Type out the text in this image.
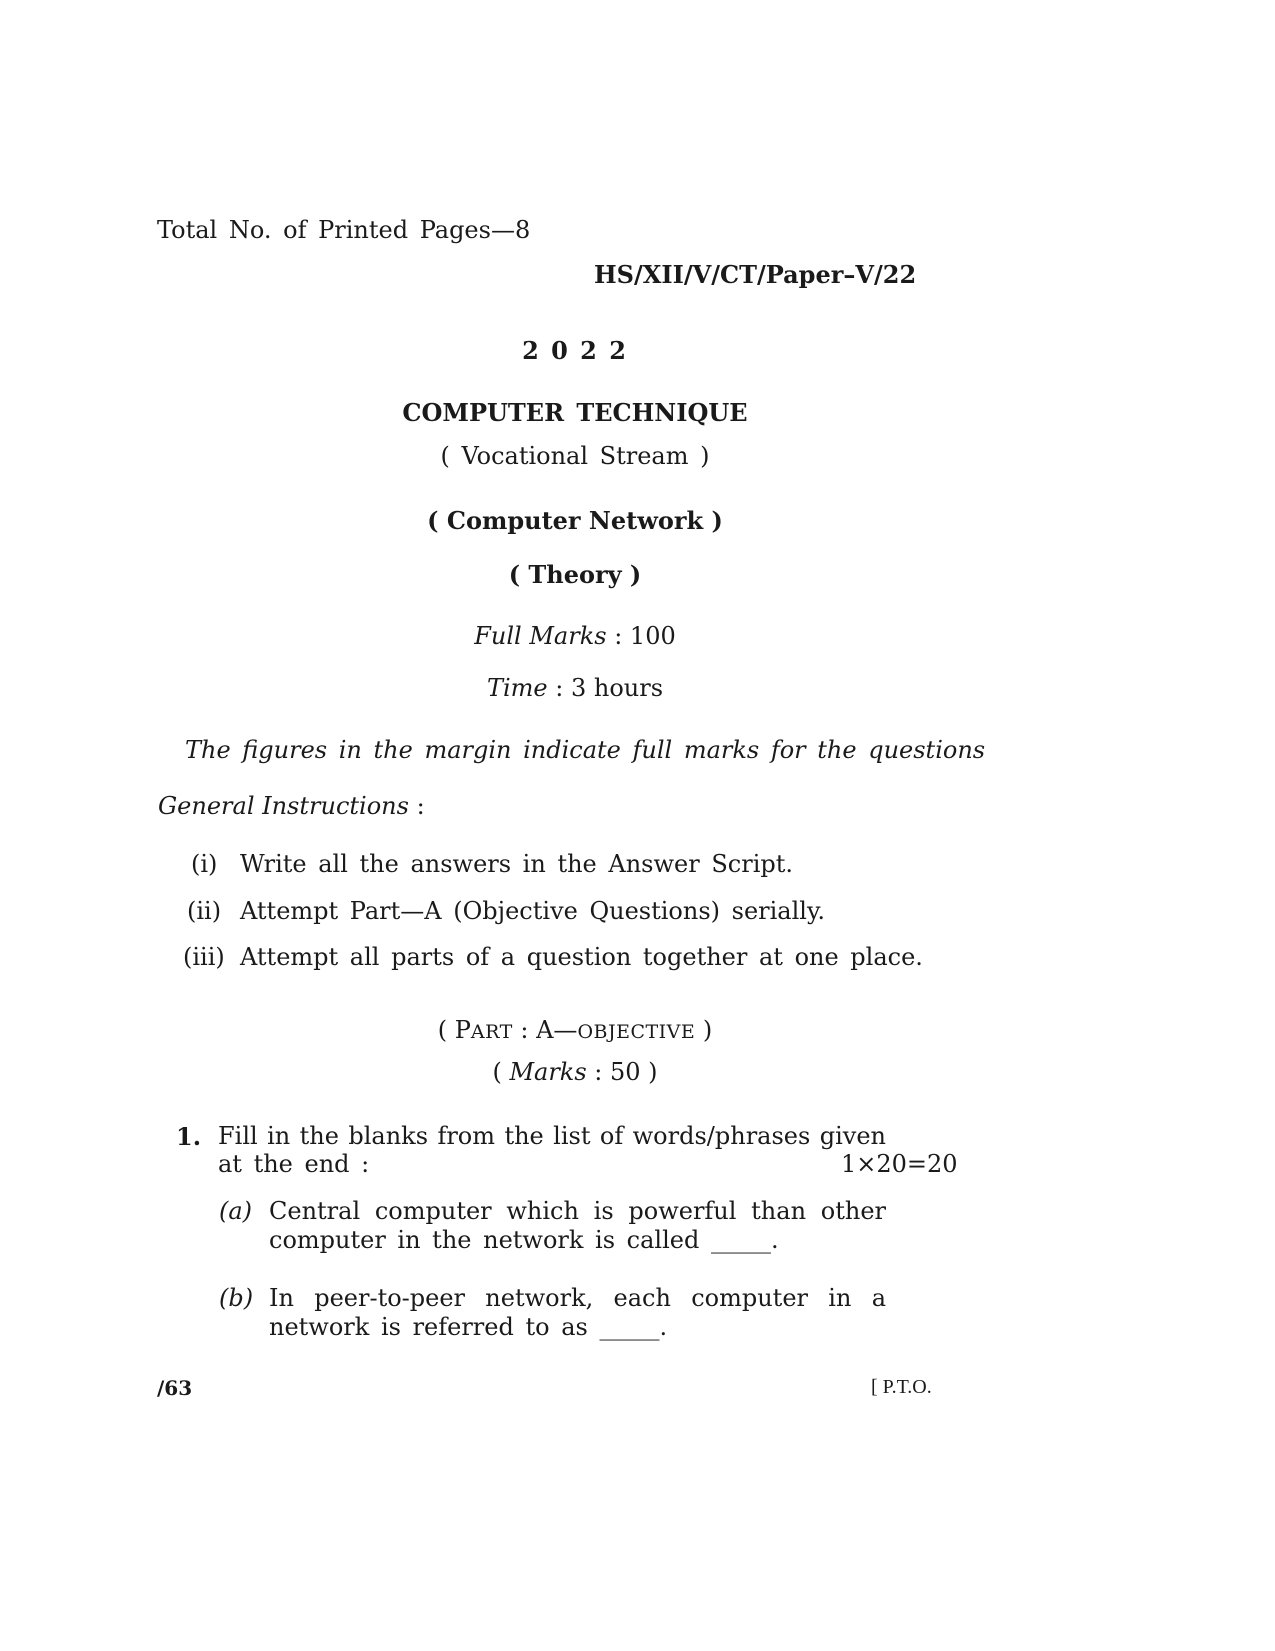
Total No. of Printed Pages—8
HS/XII/V/CT/Paper–V/22
2 0 2 2
COMPUTER TECHNIQUE
( Vocational Stream )
( Computer Network )
( Theory )
Full Marks : 100
Time : 3 hours
The figures in the margin indicate full marks for the questions
General Instructions :
(i) Write all the answers in the Answer Script.
(ii) Attempt Part—A (Objective Questions) serially.
(iii) Attempt all parts of a question together at one place.
( PART : A—OBJECTIVE )
( Marks : 50 )
1. Fill in the blanks from the list of words/phrases given
at the end :	1×20=20
(a) Central computer which is powerful than other
computer in the network is called _____.
(b) In peer-to-peer network, each computer in a
network is referred to as _____.
/63	[ P.T.O.
